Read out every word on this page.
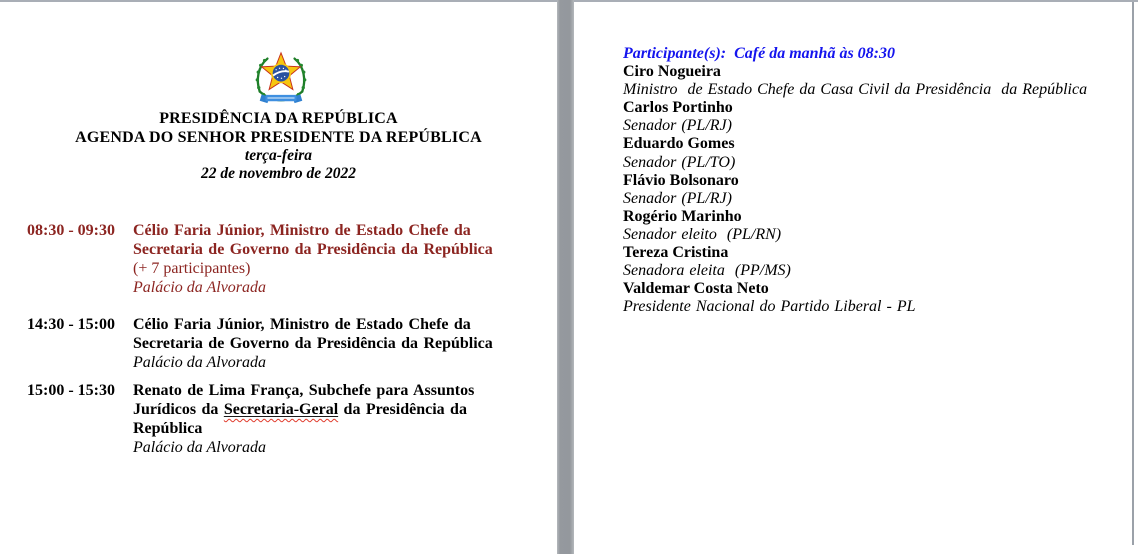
PRESIDÊNCIA DA REPÚBLICA
AGENDA DO SENHOR PRESIDENTE DA REPÚBLICA
terça-feira
22 de novembro de 2022
08:30 - 09:30 Célio Faria Júnior, Ministro de Estado Chefe da
Secretaria de Governo da Presidência da República
(+ 7 participantes)
Palácio da Alvorada
14:30 - 15:00 Célio Faria Júnior, Ministro de Estado Chefe da
Secretaria de Governo da Presidência da República
Palácio da Alvorada
15:00 - 15:30 Renato de Lima França, Subchefe para Assuntos
Jurídicos da Secretaria-Geral da Presidência da
República
Palácio da Alvorada
Participante(s):  Café da manhã às 08:30
Ciro Nogueira
Ministro  de Estado Chefe da Casa Civil da Presidência  da República
Carlos Portinho
Senador (PL/RJ)
Eduardo Gomes
Senador (PL/TO)
Flávio Bolsonaro
Senador (PL/RJ)
Rogério Marinho
Senador eleito  (PL/RN)
Tereza Cristina
Senadora eleita  (PP/MS)
Valdemar Costa Neto
Presidente Nacional do Partido Liberal - PL
